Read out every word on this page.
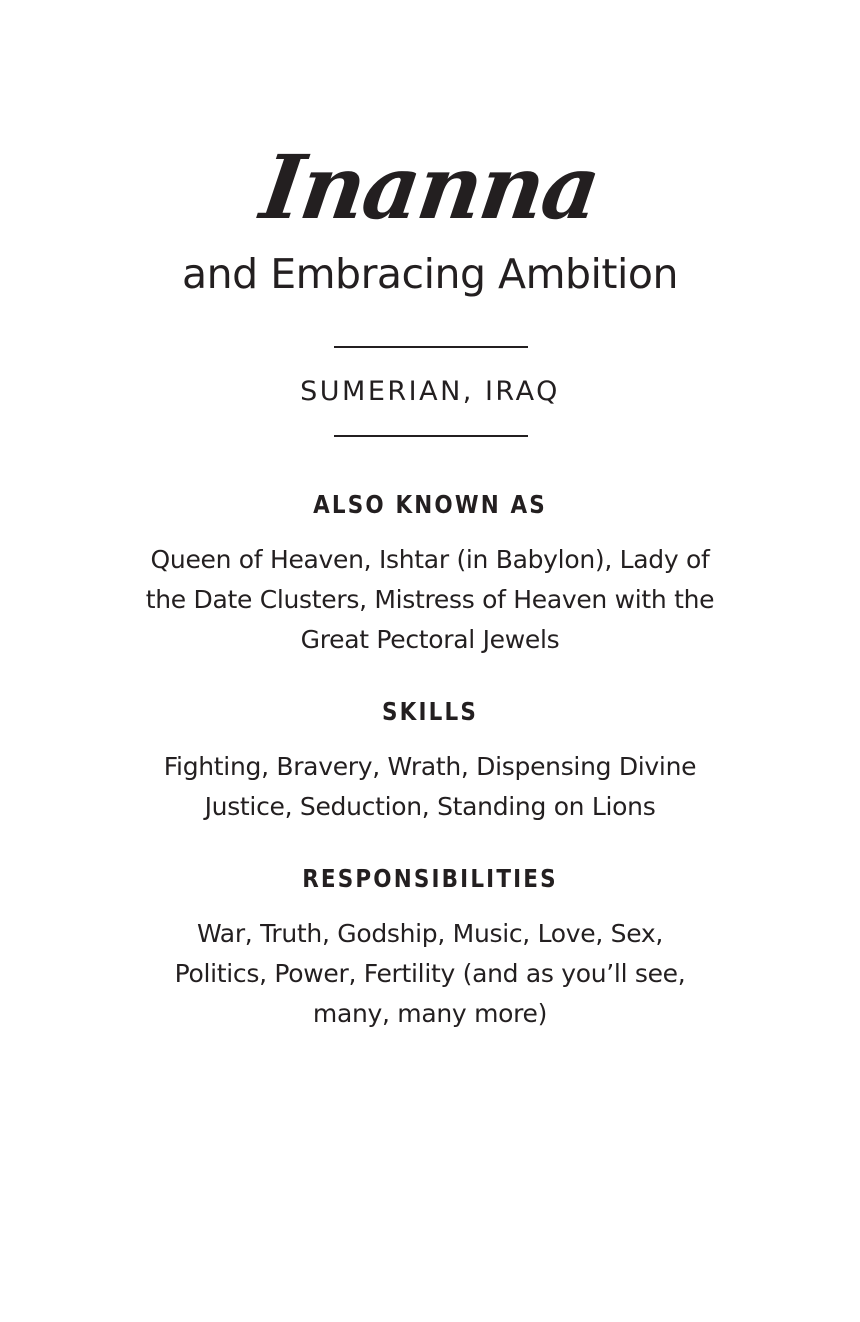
Inanna
and Embracing Ambition
SUMERIAN, IRAQ
ALSO KNOWN AS

Queen of Heaven, Ishtar (in Babylon), Lady of
the Date Clusters, Mistress of Heaven with the
Great Pectoral Jewels

SKILLS

Fighting, Bravery, Wrath, Dispensing Divine
Justice, Seduction, Standing on Lions

RESPONSIBILITIES

War, Truth, Godship, Music, Love, Sex,
Politics, Power, Fertility (and as you’ll see,
many, many more)
